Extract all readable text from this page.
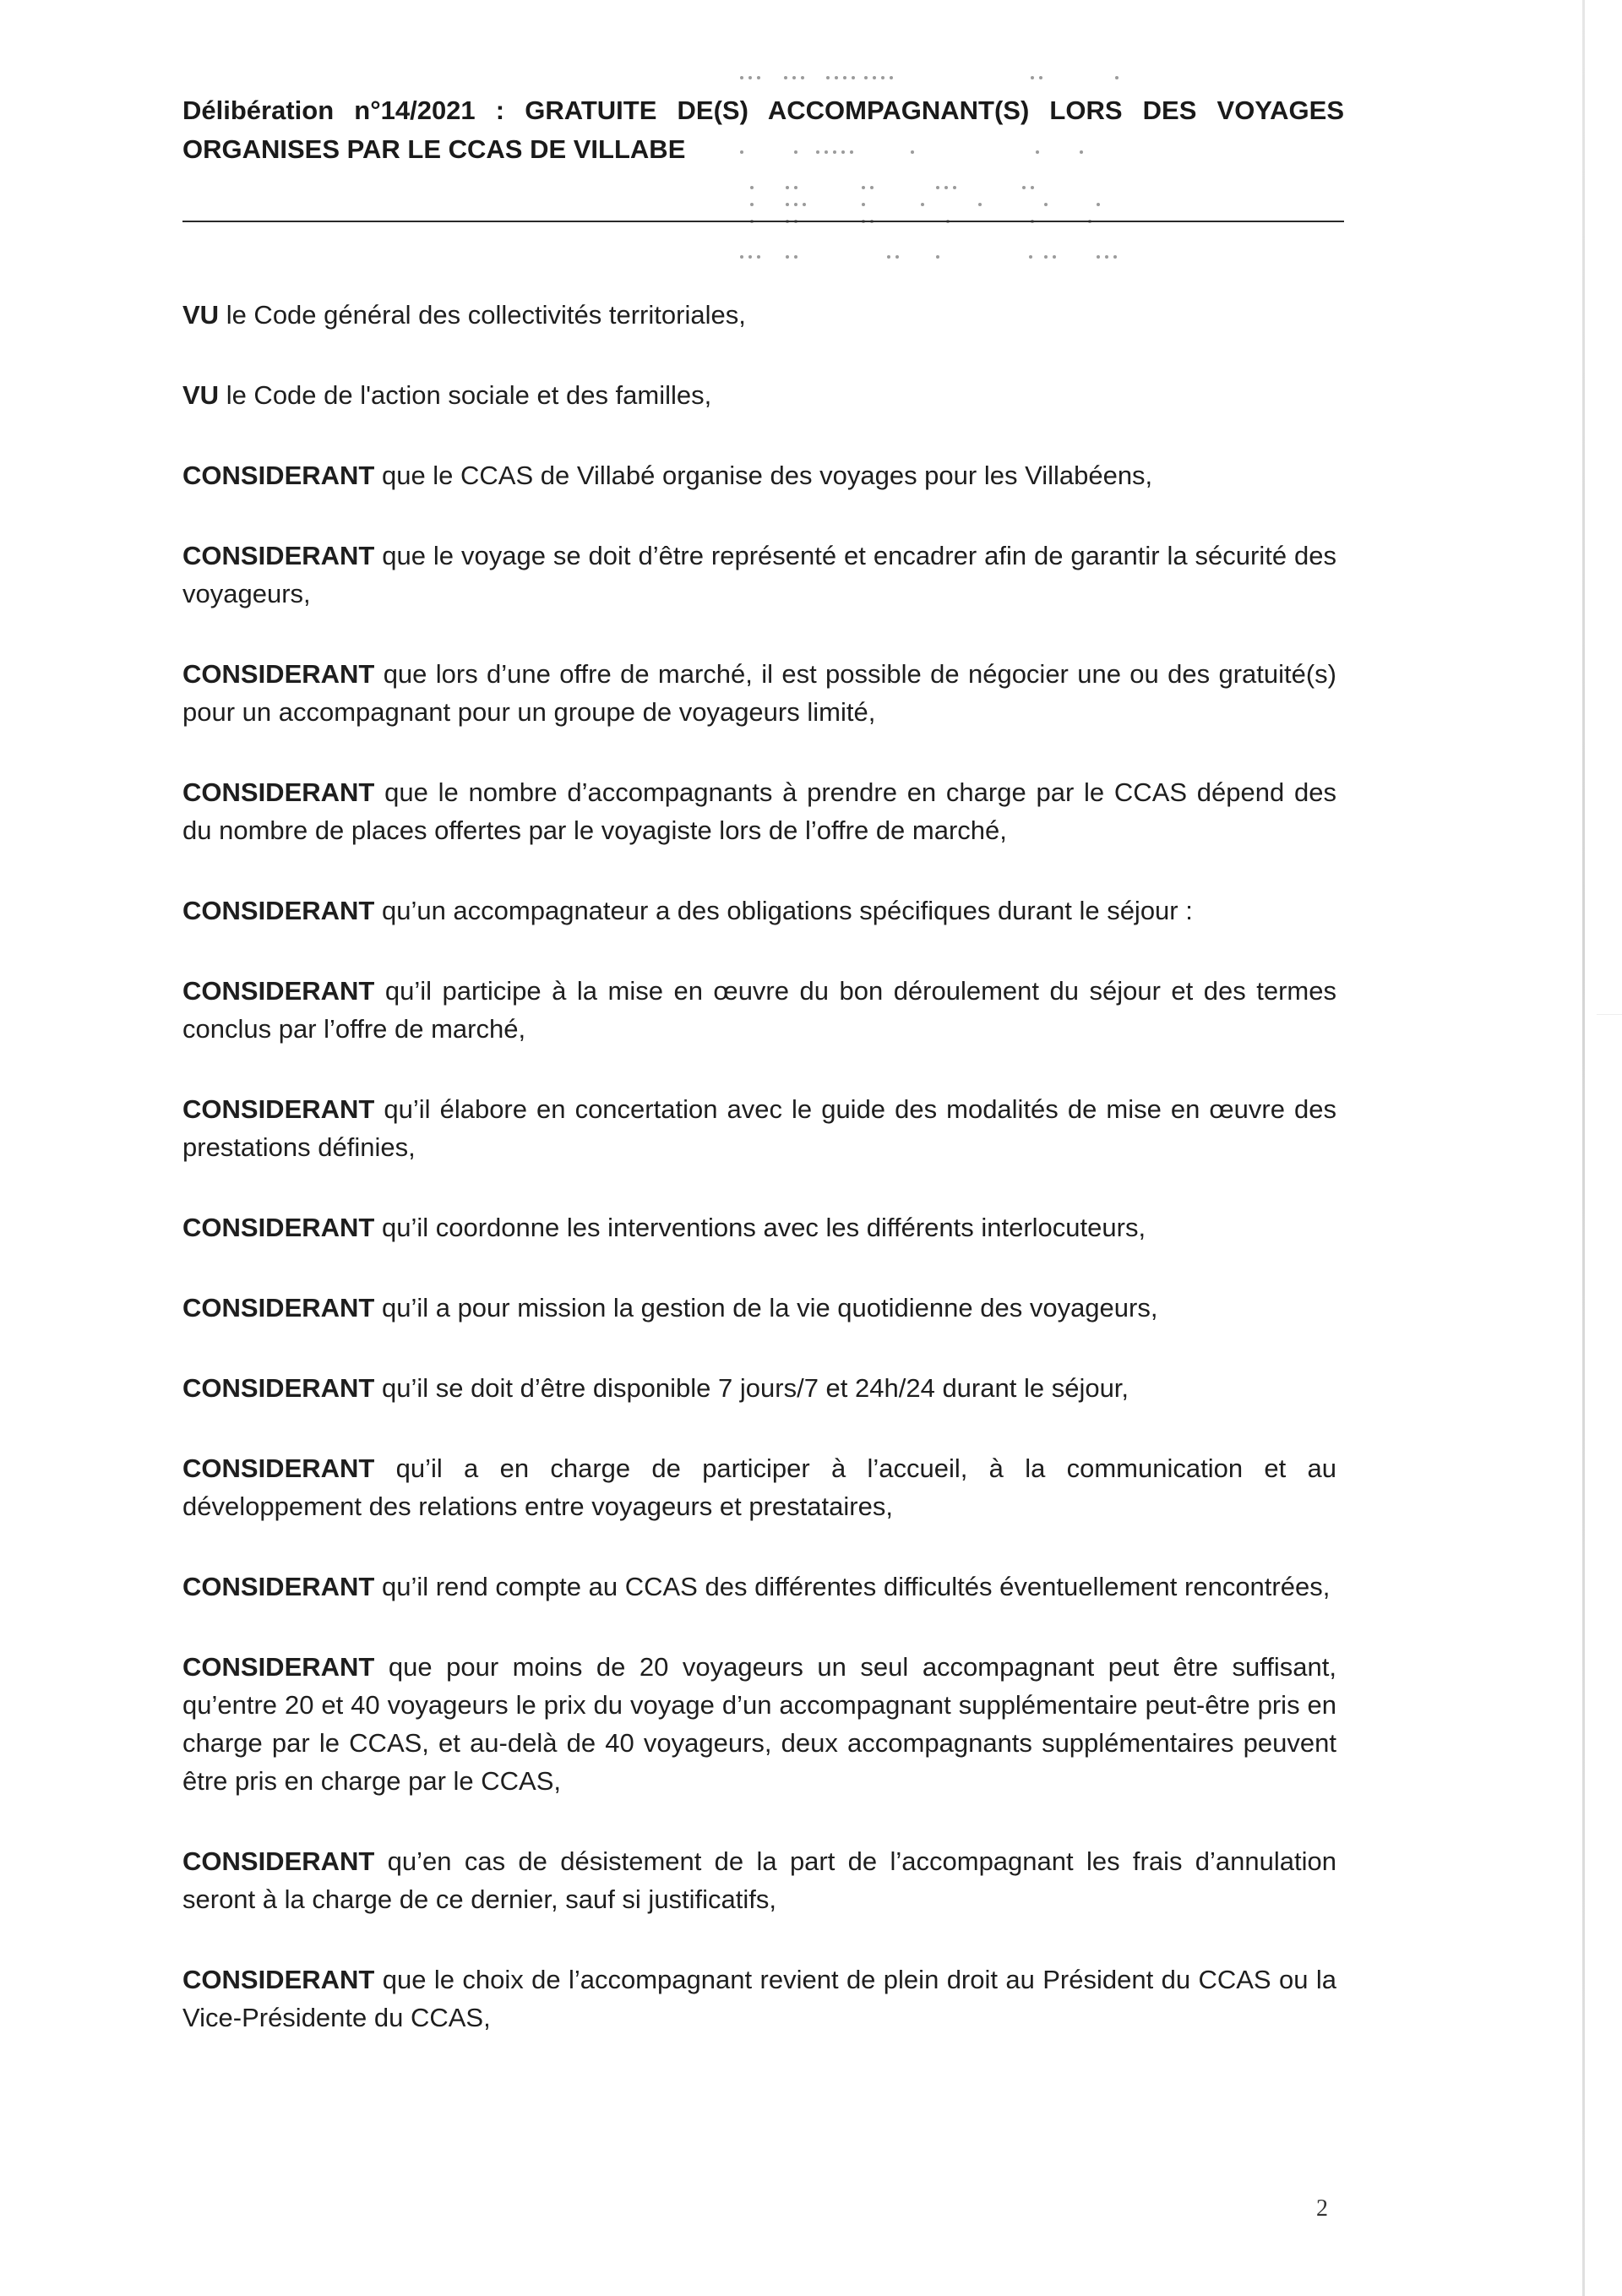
Délibération n°14/2021 : GRATUITE DE(S) ACCOMPAGNANT(S) LORS DES VOYAGES
ORGANISES PAR LE CCAS DE VILLABE

VU le Code général des collectivités territoriales,

VU le Code de l'action sociale et des familles,

CONSIDERANT que le CCAS de Villabé organise des voyages pour les Villabéens,

CONSIDERANT que le voyage se doit d’être représenté et encadrer afin de garantir la sécurité des voyageurs,

CONSIDERANT que lors d’une offre de marché, il est possible de négocier une ou des gratuité(s) pour un accompagnant pour un groupe de voyageurs limité,

CONSIDERANT que le nombre d’accompagnants à prendre en charge par le CCAS dépend des du nombre de places offertes par le voyagiste lors de l’offre de marché,

CONSIDERANT qu’un accompagnateur a des obligations spécifiques durant le séjour :

CONSIDERANT qu’il participe à la mise en œuvre du bon déroulement du séjour et des termes conclus par l’offre de marché,

CONSIDERANT qu’il élabore en concertation avec le guide des modalités de mise en œuvre des prestations définies,

CONSIDERANT qu’il coordonne les interventions avec les différents interlocuteurs,

CONSIDERANT qu’il a pour mission la gestion de la vie quotidienne des voyageurs,

CONSIDERANT qu’il se doit d’être disponible 7 jours/7 et 24h/24 durant le séjour,

CONSIDERANT qu’il a en charge de participer à l’accueil, à la communication et au développement des relations entre voyageurs et prestataires,

CONSIDERANT qu’il rend compte au CCAS des différentes difficultés éventuellement rencontrées,

CONSIDERANT que pour moins de 20 voyageurs un seul accompagnant peut être suffisant, qu’entre 20 et 40 voyageurs le prix du voyage d’un accompagnant supplémentaire peut-être pris en charge par le CCAS, et au-delà de 40 voyageurs, deux accompagnants supplémentaires peuvent être pris en charge par le CCAS,

CONSIDERANT qu’en cas de désistement de la part de l’accompagnant les frais d’annulation seront à la charge de ce dernier, sauf si justificatifs,

CONSIDERANT que le choix de l’accompagnant revient de plein droit au Président du CCAS ou la Vice-Présidente du CCAS,

2
